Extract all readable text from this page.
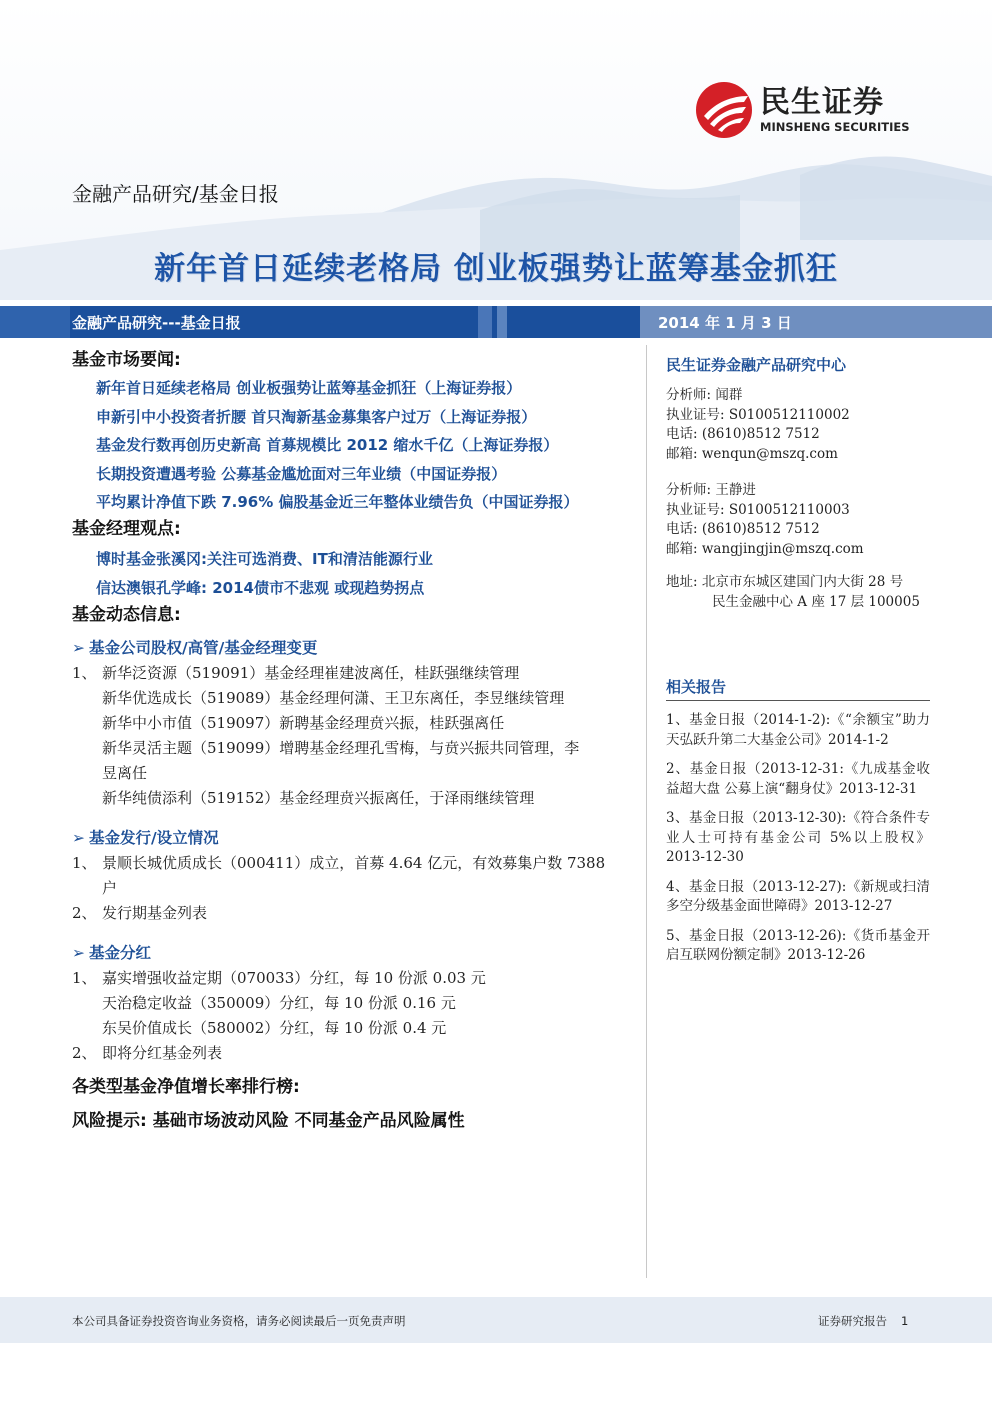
民生证券
MINSHENG SECURITIES
金融产品研究/基金日报
新年首日延续老格局 创业板强势让蓝筹基金抓狂
金融产品研究---基金日报	2014 年 1 月 3 日
基金市场要闻:
新年首日延续老格局 创业板强势让蓝筹基金抓狂（上海证券报）
申新引中小投资者折腰 首只淘新基金募集客户过万（上海证券报）
基金发行数再创历史新高 首募规模比 2012 缩水千亿（上海证券报）
长期投资遭遇考验 公募基金尴尬面对三年业绩（中国证券报）
平均累计净值下跌 7.96% 偏股基金近三年整体业绩告负（中国证券报）
基金经理观点:
博时基金张溪冈:关注可选消费、IT和清洁能源行业
信达澳银孔学峰: 2014债市不悲观 或现趋势拐点
基金动态信息:
➢ 基金公司股权/高管/基金经理变更
1、 新华泛资源（519091）基金经理崔建波离任，桂跃强继续管理
新华优选成长（519089）基金经理何潇、王卫东离任，李昱继续管理
新华中小市值（519097）新聘基金经理贲兴振，桂跃强离任
新华灵活主题（519099）增聘基金经理孔雪梅，与贲兴振共同管理，李
昱离任
新华纯债添利（519152）基金经理贲兴振离任，于泽雨继续管理
➢ 基金发行/设立情况
1、 景顺长城优质成长（000411）成立，首募 4.64 亿元，有效募集户数 7388
户
2、 发行期基金列表
➢ 基金分红
1、 嘉实增强收益定期（070033）分红，每 10 份派 0.03 元
天治稳定收益（350009）分红，每 10 份派 0.16 元
东吴价值成长（580002）分红，每 10 份派 0.4 元
2、 即将分红基金列表
各类型基金净值增长率排行榜:
风险提示: 基础市场波动风险 不同基金产品风险属性
民生证券金融产品研究中心
分析师: 闻群
执业证号: S0100512110002
电话: (8610)8512 7512
邮箱: wenqun@mszq.com
分析师: 王静进
执业证号: S0100512110003
电话: (8610)8512 7512
邮箱: wangjingjin@mszq.com
地址: 北京市东城区建国门内大街 28 号
民生金融中心 A 座 17 层 100005
相关报告
1、基金日报（2014-1-2):《“余额宝”助力 天弘跃升第二大基金公司》2014-1-2
2、基金日报（2013-12-31:《九成基金收益超大盘 公募上演“翻身仗》2013-12-31
3、基金日报（2013-12-30):《符合条件专业人士可持有基金公司 5%以上股权》2013-12-30
4、基金日报（2013-12-27):《新规或扫清多空分级基金面世障碍》2013-12-27
5、基金日报（2013-12-26):《货币基金开启互联网份额定制》2013-12-26
本公司具备证券投资咨询业务资格，请务必阅读最后一页免责声明	证券研究报告 1
